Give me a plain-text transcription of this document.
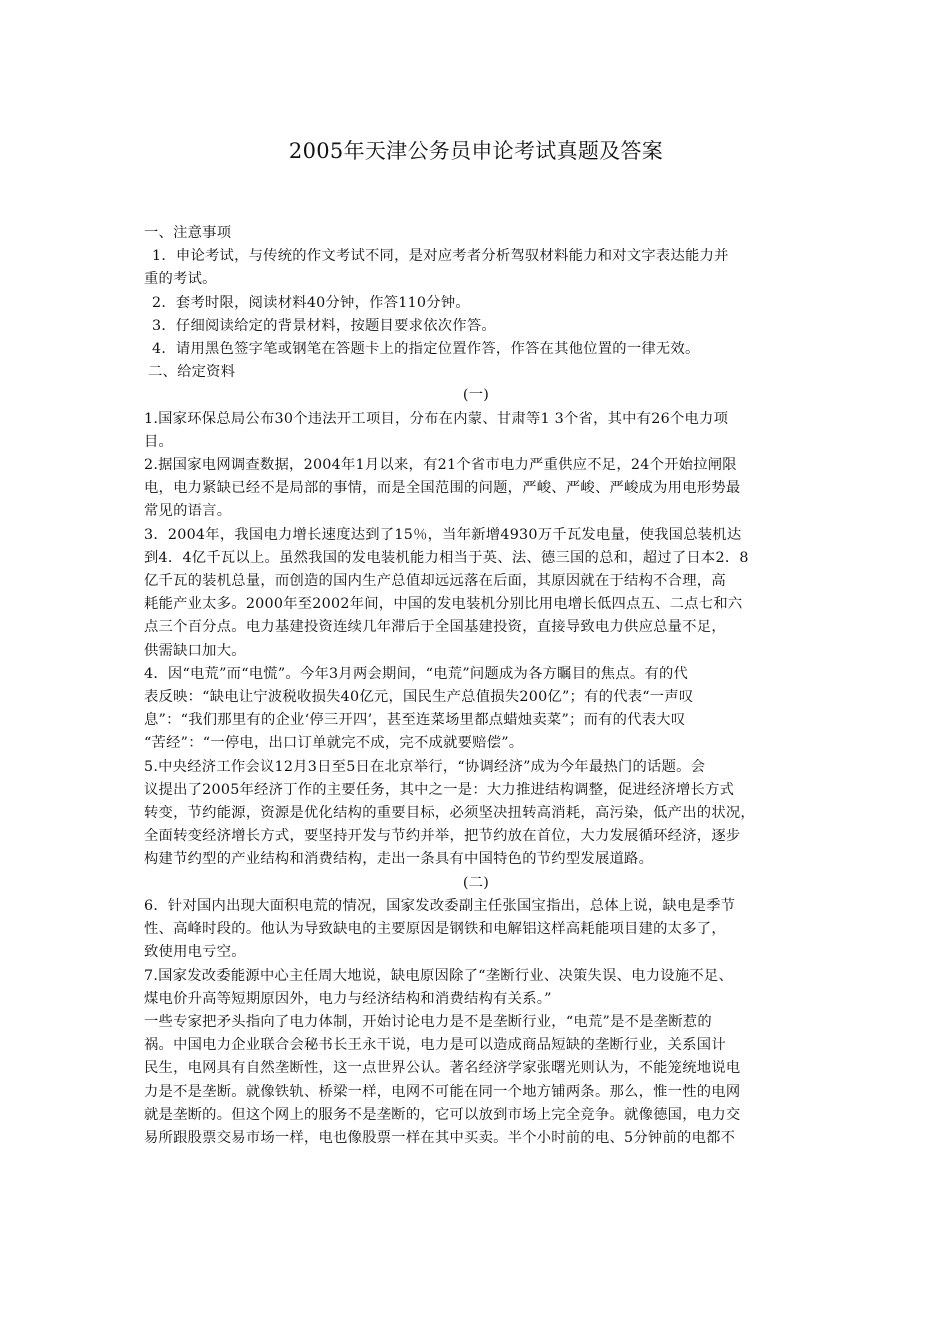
2005年天津公务员申论考试真题及答案

一、注意事项

1．申论考试，与传统的作文考试不同，是对应考者分析驾驭材料能力和对文字表达能力并

重的考试。

2．套考时限，阅读材料40分钟，作答110分钟。

3．仔细阅读给定的背景材料，按题目要求依次作答。

4．请用黑色签字笔或钢笔在答题卡上的指定位置作答，作答在其他位置的一律无效。

二、给定资料

(一)

1.国家环保总局公布30个违法开工项目，分布在内蒙、甘肃等1 3个省，其中有26个电力项

目。

2.据国家电网调查数据，2004年1月以来，有21个省市电力严重供应不足，24个开始拉闸限

电，电力紧缺已经不是局部的事情，而是全国范围的问题，严峻、严峻、严峻成为用电形势最

常见的语言。

3．2004年，我国电力增长速度达到了15％，当年新增4930万千瓦发电量，使我国总装机达

到4．4亿千瓦以上。虽然我国的发电装机能力相当于英、法、德三国的总和，超过了日本2．8

亿千瓦的装机总量，而创造的国内生产总值却远远落在后面，其原因就在于结构不合理，高

耗能产业太多。2000年至2002年间，中国的发电装机分别比用电增长低四点五、二点七和六

点三个百分点。电力基建投资连续几年滞后于全国基建投资，直接导致电力供应总量不足，

供需缺口加大。

4．因“电荒”而“电慌”。今年3月两会期间，“电荒”问题成为各方瞩目的焦点。有的代

表反映：“缺电让宁波税收损失40亿元，国民生产总值损失200亿”；有的代表“一声叹

息”：“我们那里有的企业‘停三开四’，甚至连菜场里都点蜡烛卖菜”；而有的代表大叹

“苦经”：“一停电，出口订单就完不成，完不成就要赔偿”。

5.中央经济工作会议12月3日至5日在北京举行，“协调经济”成为今年最热门的话题。会

议提出了2005年经济丁作的主要任务，其中之一是：大力推进结构调整，促进经济增长方式

转变，节约能源，资源是优化结构的重要目标，必须坚决扭转高消耗，高污染，低产出的状况，

全面转变经济增长方式，要坚持开发与节约并举，把节约放在首位，大力发展循环经济，逐步

构建节约型的产业结构和消费结构，走出一条具有中国特色的节约型发展道路。

(二)

6．针对国内出现大面积电荒的情况，国家发改委副主任张国宝指出，总体上说，缺电是季节

性、高峰时段的。他认为导致缺电的主要原因是钢铁和电解铝这样高耗能项目建的太多了，

致使用电亏空。

7.国家发改委能源中心主任周大地说，缺电原因除了“垄断行业、决策失误、电力设施不足、

煤电价升高等短期原因外，电力与经济结构和消费结构有关系。”

一些专家把矛头指向了电力体制，开始讨论电力是不是垄断行业，“电荒”是不是垄断惹的

祸。中国电力企业联合会秘书长王永干说，电力是可以造成商品短缺的垄断行业，关系国计

民生，电网具有自然垄断性，这一点世界公认。著名经济学家张曙光则认为，不能笼统地说电

力是不是垄断。就像铁轨、桥梁一样，电网不可能在同一个地方铺两条。那么，惟一性的电网

就是垄断的。但这个网上的服务不是垄断的，它可以放到市场上完全竞争。就像德国，电力交

易所跟股票交易市场一样，电也像股票一样在其中买卖。半个小时前的电、5分钟前的电都不
